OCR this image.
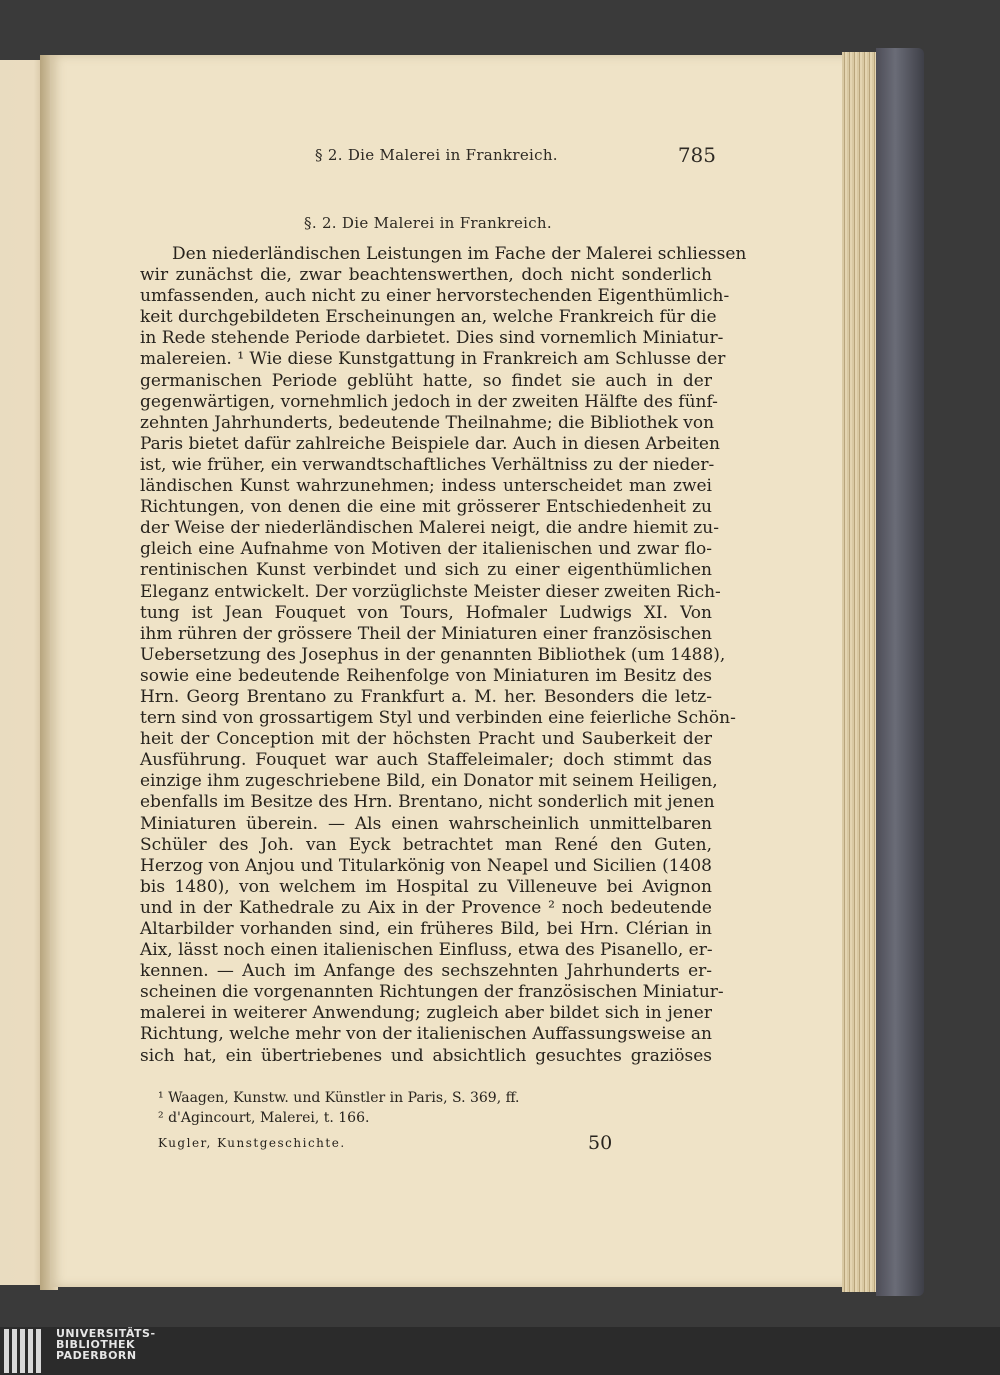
§ 2. Die Malerei in Frankreich.	785
§. 2. Die Malerei in Frankreich.
Den niederländischen Leistungen im Fache der Malerei schliessen
wir zunächst die, zwar beachtenswerthen, doch nicht sonderlich
umfassenden, auch nicht zu einer hervorstechenden Eigenthümlich-
keit durchgebildeten Erscheinungen an, welche Frankreich für die
in Rede stehende Periode darbietet. Dies sind vornemlich Miniatur-
malereien. ¹ Wie diese Kunstgattung in Frankreich am Schlusse der
germanischen Periode geblüht hatte, so findet sie auch in der
gegenwärtigen, vornehmlich jedoch in der zweiten Hälfte des fünf-
zehnten Jahrhunderts, bedeutende Theilnahme; die Bibliothek von
Paris bietet dafür zahlreiche Beispiele dar. Auch in diesen Arbeiten
ist, wie früher, ein verwandtschaftliches Verhältniss zu der nieder-
ländischen Kunst wahrzunehmen; indess unterscheidet man zwei
Richtungen, von denen die eine mit grösserer Entschiedenheit zu
der Weise der niederländischen Malerei neigt, die andre hiemit zu-
gleich eine Aufnahme von Motiven der italienischen und zwar flo-
rentinischen Kunst verbindet und sich zu einer eigenthümlichen
Eleganz entwickelt. Der vorzüglichste Meister dieser zweiten Rich-
tung ist Jean Fouquet von Tours, Hofmaler Ludwigs XI. Von
ihm rühren der grössere Theil der Miniaturen einer französischen
Uebersetzung des Josephus in der genannten Bibliothek (um 1488),
sowie eine bedeutende Reihenfolge von Miniaturen im Besitz des
Hrn. Georg Brentano zu Frankfurt a. M. her. Besonders die letz-
tern sind von grossartigem Styl und verbinden eine feierliche Schön-
heit der Conception mit der höchsten Pracht und Sauberkeit der
Ausführung. Fouquet war auch Staffeleimaler; doch stimmt das
einzige ihm zugeschriebene Bild, ein Donator mit seinem Heiligen,
ebenfalls im Besitze des Hrn. Brentano, nicht sonderlich mit jenen
Miniaturen überein. — Als einen wahrscheinlich unmittelbaren
Schüler des Joh. van Eyck betrachtet man René den Guten,
Herzog von Anjou und Titularkönig von Neapel und Sicilien (1408
bis 1480), von welchem im Hospital zu Villeneuve bei Avignon
und in der Kathedrale zu Aix in der Provence ² noch bedeutende
Altarbilder vorhanden sind, ein früheres Bild, bei Hrn. Clérian in
Aix, lässt noch einen italienischen Einfluss, etwa des Pisanello, er-
kennen. — Auch im Anfange des sechszehnten Jahrhunderts er-
scheinen die vorgenannten Richtungen der französischen Miniatur-
malerei in weiterer Anwendung; zugleich aber bildet sich in jener
Richtung, welche mehr von der italienischen Auffassungsweise an
sich hat, ein übertriebenes und absichtlich gesuchtes graziöses
¹ Waagen, Kunstw. und Künstler in Paris, S. 369, ff.
² d'Agincourt, Malerei, t. 166.
Kugler, Kunstgeschichte.	50
UNIVERSITÄTS-
BIBLIOTHEK
PADERBORN
